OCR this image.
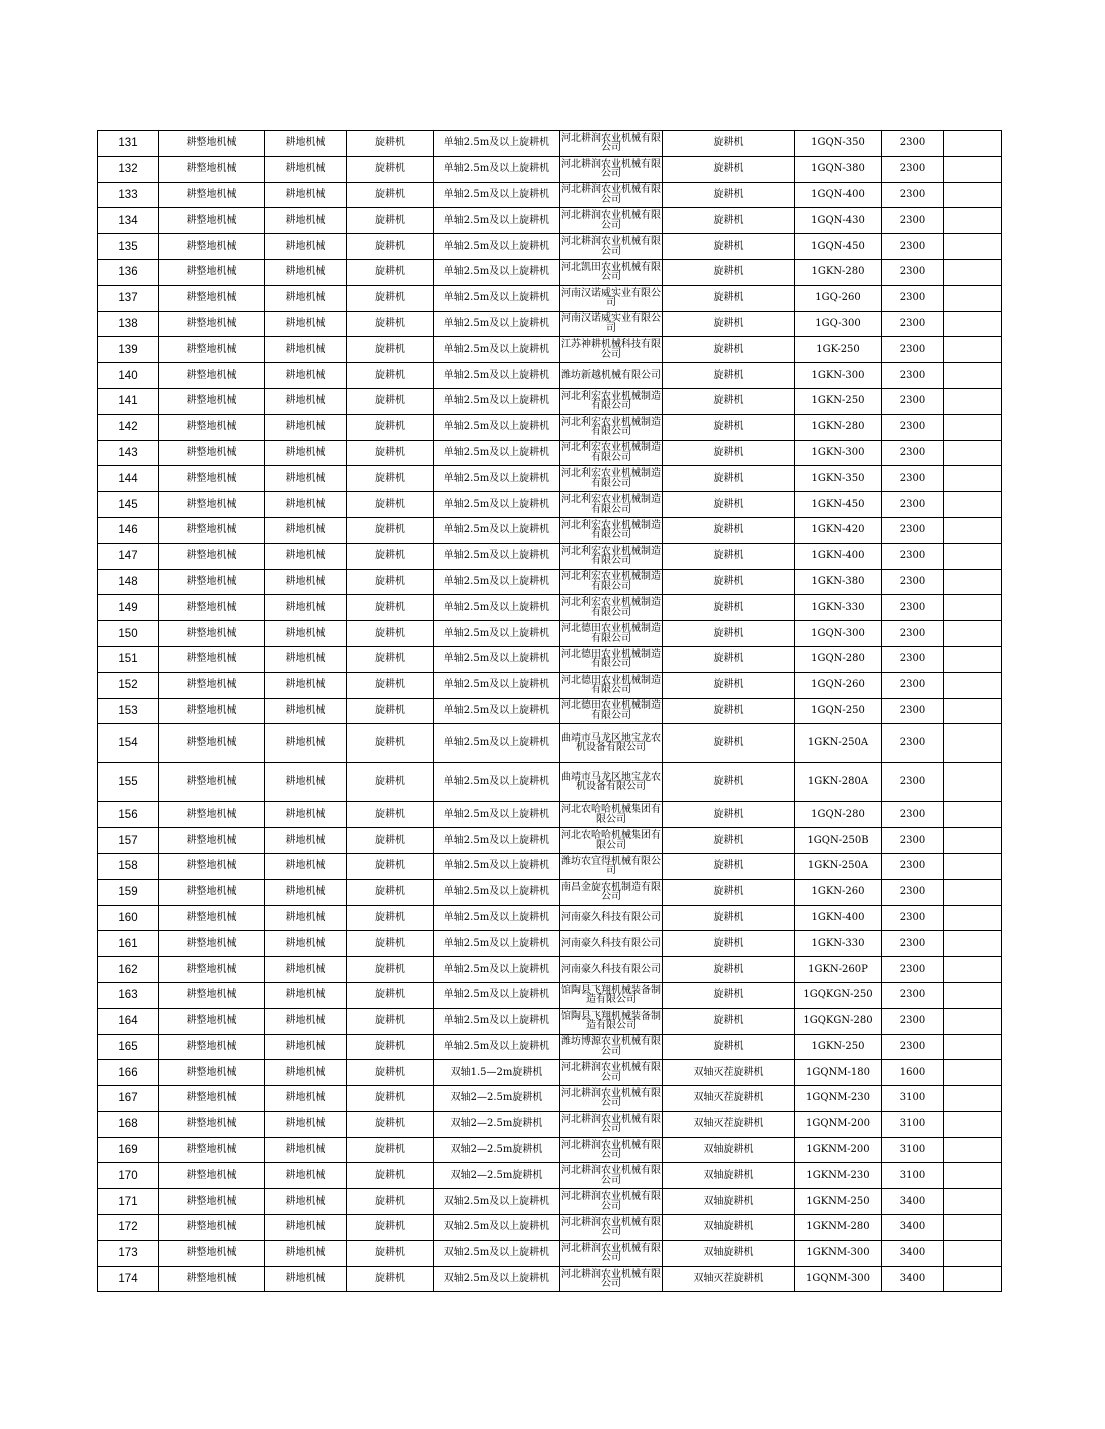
131	耕整地机械	耕地机械	旋耕机	单轴2.5m及以上旋耕机	河北耕润农业机械有限公司	旋耕机	1GQN-350	2300	
132	耕整地机械	耕地机械	旋耕机	单轴2.5m及以上旋耕机	河北耕润农业机械有限公司	旋耕机	1GQN-380	2300	
133	耕整地机械	耕地机械	旋耕机	单轴2.5m及以上旋耕机	河北耕润农业机械有限公司	旋耕机	1GQN-400	2300	
134	耕整地机械	耕地机械	旋耕机	单轴2.5m及以上旋耕机	河北耕润农业机械有限公司	旋耕机	1GQN-430	2300	
135	耕整地机械	耕地机械	旋耕机	单轴2.5m及以上旋耕机	河北耕润农业机械有限公司	旋耕机	1GQN-450	2300	
136	耕整地机械	耕地机械	旋耕机	单轴2.5m及以上旋耕机	河北凯田农业机械有限公司	旋耕机	1GKN-280	2300	
137	耕整地机械	耕地机械	旋耕机	单轴2.5m及以上旋耕机	河南汉诺威实业有限公司	旋耕机	1GQ-260	2300	
138	耕整地机械	耕地机械	旋耕机	单轴2.5m及以上旋耕机	河南汉诺威实业有限公司	旋耕机	1GQ-300	2300	
139	耕整地机械	耕地机械	旋耕机	单轴2.5m及以上旋耕机	江苏神耕机械科技有限公司	旋耕机	1GK-250	2300	
140	耕整地机械	耕地机械	旋耕机	单轴2.5m及以上旋耕机	潍坊新越机械有限公司	旋耕机	1GKN-300	2300	
141	耕整地机械	耕地机械	旋耕机	单轴2.5m及以上旋耕机	河北利宏农业机械制造有限公司	旋耕机	1GKN-250	2300	
142	耕整地机械	耕地机械	旋耕机	单轴2.5m及以上旋耕机	河北利宏农业机械制造有限公司	旋耕机	1GKN-280	2300	
143	耕整地机械	耕地机械	旋耕机	单轴2.5m及以上旋耕机	河北利宏农业机械制造有限公司	旋耕机	1GKN-300	2300	
144	耕整地机械	耕地机械	旋耕机	单轴2.5m及以上旋耕机	河北利宏农业机械制造有限公司	旋耕机	1GKN-350	2300	
145	耕整地机械	耕地机械	旋耕机	单轴2.5m及以上旋耕机	河北利宏农业机械制造有限公司	旋耕机	1GKN-450	2300	
146	耕整地机械	耕地机械	旋耕机	单轴2.5m及以上旋耕机	河北利宏农业机械制造有限公司	旋耕机	1GKN-420	2300	
147	耕整地机械	耕地机械	旋耕机	单轴2.5m及以上旋耕机	河北利宏农业机械制造有限公司	旋耕机	1GKN-400	2300	
148	耕整地机械	耕地机械	旋耕机	单轴2.5m及以上旋耕机	河北利宏农业机械制造有限公司	旋耕机	1GKN-380	2300	
149	耕整地机械	耕地机械	旋耕机	单轴2.5m及以上旋耕机	河北利宏农业机械制造有限公司	旋耕机	1GKN-330	2300	
150	耕整地机械	耕地机械	旋耕机	单轴2.5m及以上旋耕机	河北德田农业机械制造有限公司	旋耕机	1GQN-300	2300	
151	耕整地机械	耕地机械	旋耕机	单轴2.5m及以上旋耕机	河北德田农业机械制造有限公司	旋耕机	1GQN-280	2300	
152	耕整地机械	耕地机械	旋耕机	单轴2.5m及以上旋耕机	河北德田农业机械制造有限公司	旋耕机	1GQN-260	2300	
153	耕整地机械	耕地机械	旋耕机	单轴2.5m及以上旋耕机	河北德田农业机械制造有限公司	旋耕机	1GQN-250	2300	
154	耕整地机械	耕地机械	旋耕机	单轴2.5m及以上旋耕机	曲靖市马龙区地宝龙农机设备有限公司	旋耕机	1GKN-250A	2300	
155	耕整地机械	耕地机械	旋耕机	单轴2.5m及以上旋耕机	曲靖市马龙区地宝龙农机设备有限公司	旋耕机	1GKN-280A	2300	
156	耕整地机械	耕地机械	旋耕机	单轴2.5m及以上旋耕机	河北农哈哈机械集团有限公司	旋耕机	1GQN-280	2300	
157	耕整地机械	耕地机械	旋耕机	单轴2.5m及以上旋耕机	河北农哈哈机械集团有限公司	旋耕机	1GQN-250B	2300	
158	耕整地机械	耕地机械	旋耕机	单轴2.5m及以上旋耕机	潍坊农宜得机械有限公司	旋耕机	1GKN-250A	2300	
159	耕整地机械	耕地机械	旋耕机	单轴2.5m及以上旋耕机	南昌金旋农机制造有限公司	旋耕机	1GKN-260	2300	
160	耕整地机械	耕地机械	旋耕机	单轴2.5m及以上旋耕机	河南豪久科技有限公司	旋耕机	1GKN-400	2300	
161	耕整地机械	耕地机械	旋耕机	单轴2.5m及以上旋耕机	河南豪久科技有限公司	旋耕机	1GKN-330	2300	
162	耕整地机械	耕地机械	旋耕机	单轴2.5m及以上旋耕机	河南豪久科技有限公司	旋耕机	1GKN-260P	2300	
163	耕整地机械	耕地机械	旋耕机	单轴2.5m及以上旋耕机	馆陶县飞翔机械装备制造有限公司	旋耕机	1GQKGN-250	2300	
164	耕整地机械	耕地机械	旋耕机	单轴2.5m及以上旋耕机	馆陶县飞翔机械装备制造有限公司	旋耕机	1GQKGN-280	2300	
165	耕整地机械	耕地机械	旋耕机	单轴2.5m及以上旋耕机	潍坊博源农业机械有限公司	旋耕机	1GKN-250	2300	
166	耕整地机械	耕地机械	旋耕机	双轴1.5—2m旋耕机	河北耕润农业机械有限公司	双轴灭茬旋耕机	1GQNM-180	1600	
167	耕整地机械	耕地机械	旋耕机	双轴2—2.5m旋耕机	河北耕润农业机械有限公司	双轴灭茬旋耕机	1GQNM-230	3100	
168	耕整地机械	耕地机械	旋耕机	双轴2—2.5m旋耕机	河北耕润农业机械有限公司	双轴灭茬旋耕机	1GQNM-200	3100	
169	耕整地机械	耕地机械	旋耕机	双轴2—2.5m旋耕机	河北耕润农业机械有限公司	双轴旋耕机	1GKNM-200	3100	
170	耕整地机械	耕地机械	旋耕机	双轴2—2.5m旋耕机	河北耕润农业机械有限公司	双轴旋耕机	1GKNM-230	3100	
171	耕整地机械	耕地机械	旋耕机	双轴2.5m及以上旋耕机	河北耕润农业机械有限公司	双轴旋耕机	1GKNM-250	3400	
172	耕整地机械	耕地机械	旋耕机	双轴2.5m及以上旋耕机	河北耕润农业机械有限公司	双轴旋耕机	1GKNM-280	3400	
173	耕整地机械	耕地机械	旋耕机	双轴2.5m及以上旋耕机	河北耕润农业机械有限公司	双轴旋耕机	1GKNM-300	3400	
174	耕整地机械	耕地机械	旋耕机	双轴2.5m及以上旋耕机	河北耕润农业机械有限公司	双轴灭茬旋耕机	1GQNM-300	3400	
